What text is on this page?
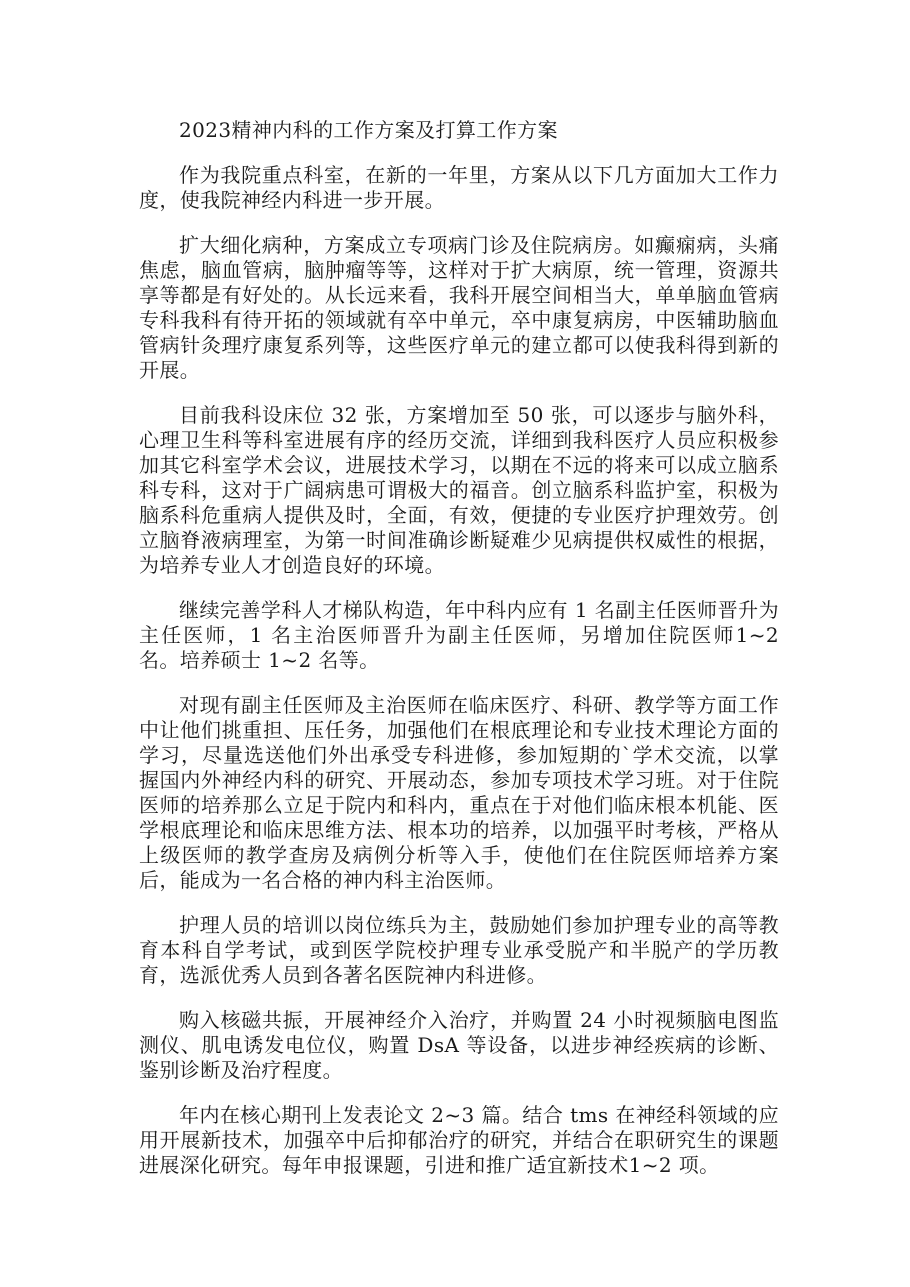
2023精神内科的工作方案及打算工作方案

作为我院重点科室，在新的一年里，方案从以下几方面加大工作力度，使我院神经内科进一步开展。

扩大细化病种，方案成立专项病门诊及住院病房。如癫痫病，头痛焦虑，脑血管病，脑肿瘤等等，这样对于扩大病原，统一管理，资源共享等都是有好处的。从长远来看，我科开展空间相当大，单单脑血管病专科我科有待开拓的领域就有卒中单元，卒中康复病房，中医辅助脑血管病针灸理疗康复系列等，这些医疗单元的建立都可以使我科得到新的开展。

目前我科设床位 32 张，方案增加至 50 张，可以逐步与脑外科，心理卫生科等科室进展有序的经历交流，详细到我科医疗人员应积极参加其它科室学术会议，进展技术学习，以期在不远的将来可以成立脑系科专科，这对于广阔病患可谓极大的福音。创立脑系科监护室，积极为脑系科危重病人提供及时，全面，有效，便捷的专业医疗护理效劳。创立脑脊液病理室，为第一时间准确诊断疑难少见病提供权威性的根据，为培养专业人才创造良好的环境。

继续完善学科人才梯队构造，年中科内应有 1 名副主任医师晋升为主任医师，1 名主治医师晋升为副主任医师，另增加住院医师1~2 名。培养硕士 1~2 名等。

对现有副主任医师及主治医师在临床医疗、科研、教学等方面工作中让他们挑重担、压任务，加强他们在根底理论和专业技术理论方面的学习，尽量选送他们外出承受专科进修，参加短期的`学术交流，以掌握国内外神经内科的研究、开展动态，参加专项技术学习班。对于住院医师的培养那么立足于院内和科内，重点在于对他们临床根本机能、医学根底理论和临床思维方法、根本功的培养，以加强平时考核，严格从上级医师的教学查房及病例分析等入手，使他们在住院医师培养方案后，能成为一名合格的神内科主治医师。

护理人员的培训以岗位练兵为主，鼓励她们参加护理专业的高等教育本科自学考试，或到医学院校护理专业承受脱产和半脱产的学历教育，选派优秀人员到各著名医院神内科进修。

购入核磁共振，开展神经介入治疗，并购置 24 小时视频脑电图监测仪、肌电诱发电位仪，购置 DsA 等设备，以进步神经疾病的诊断、鉴别诊断及治疗程度。

年内在核心期刊上发表论文 2~3 篇。结合 tms 在神经科领域的应用开展新技术，加强卒中后抑郁治疗的研究，并结合在职研究生的课题进展深化研究。每年申报课题，引进和推广适宜新技术1~2 项。
